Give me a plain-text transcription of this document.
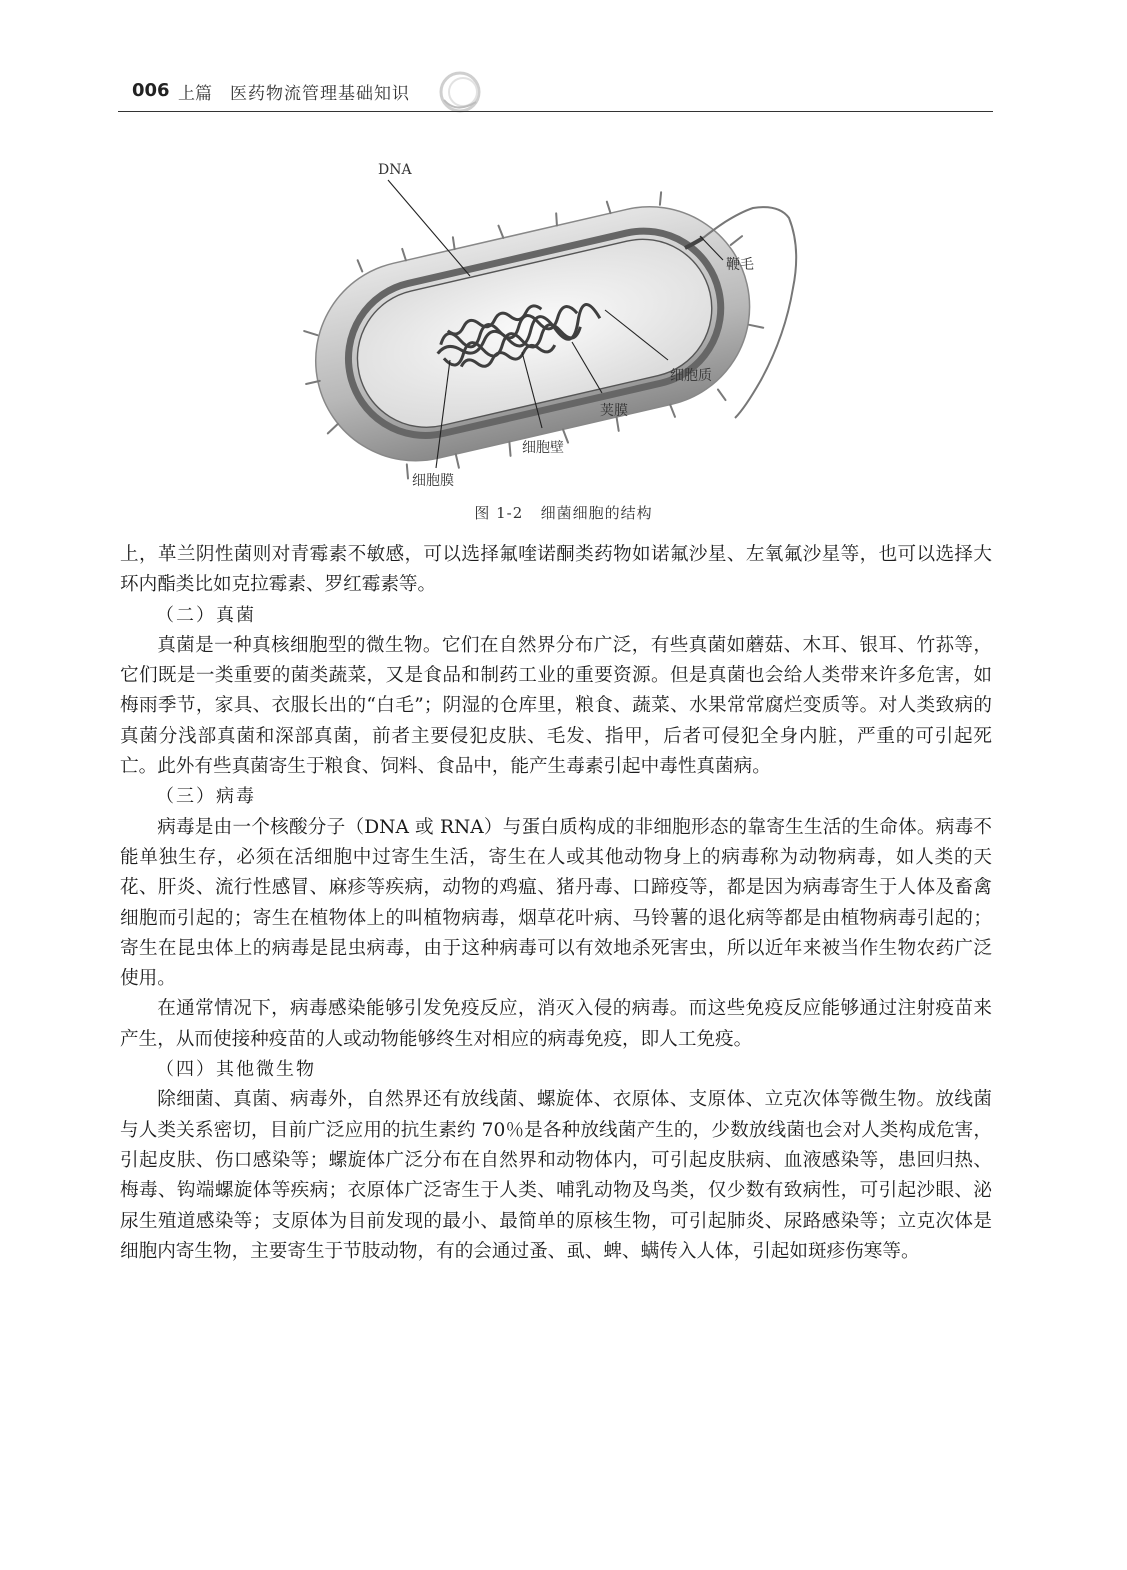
006 上篇 医药物流管理基础知识
DNA
鞭毛
细胞质
荚膜
细胞壁
细胞膜
图 1-2 细菌细胞的结构

上，革兰阴性菌则对青霉素不敏感，可以选择氟喹诺酮类药物如诺氟沙星、左氧氟沙星等，也可以选择大环内酯类比如克拉霉素、罗红霉素等。

（二）真菌

真菌是一种真核细胞型的微生物。它们在自然界分布广泛，有些真菌如蘑菇、木耳、银耳、竹荪等，它们既是一类重要的菌类蔬菜，又是食品和制药工业的重要资源。但是真菌也会给人类带来许多危害，如梅雨季节，家具、衣服长出的“白毛”；阴湿的仓库里，粮食、蔬菜、水果常常腐烂变质等。对人类致病的真菌分浅部真菌和深部真菌，前者主要侵犯皮肤、毛发、指甲，后者可侵犯全身内脏，严重的可引起死亡。此外有些真菌寄生于粮食、饲料、食品中，能产生毒素引起中毒性真菌病。

（三）病毒

病毒是由一个核酸分子（DNA 或 RNA）与蛋白质构成的非细胞形态的靠寄生生活的生命体。病毒不能单独生存，必须在活细胞中过寄生生活，寄生在人或其他动物身上的病毒称为动物病毒，如人类的天花、肝炎、流行性感冒、麻疹等疾病，动物的鸡瘟、猪丹毒、口蹄疫等，都是因为病毒寄生于人体及畜禽细胞而引起的；寄生在植物体上的叫植物病毒，烟草花叶病、马铃薯的退化病等都是由植物病毒引起的；寄生在昆虫体上的病毒是昆虫病毒，由于这种病毒可以有效地杀死害虫，所以近年来被当作生物农药广泛使用。

在通常情况下，病毒感染能够引发免疫反应，消灭入侵的病毒。而这些免疫反应能够通过注射疫苗来产生，从而使接种疫苗的人或动物能够终生对相应的病毒免疫，即人工免疫。

（四）其他微生物

除细菌、真菌、病毒外，自然界还有放线菌、螺旋体、衣原体、支原体、立克次体等微生物。放线菌与人类关系密切，目前广泛应用的抗生素约 70％是各种放线菌产生的，少数放线菌也会对人类构成危害，引起皮肤、伤口感染等；螺旋体广泛分布在自然界和动物体内，可引起皮肤病、血液感染等，患回归热、梅毒、钩端螺旋体等疾病；衣原体广泛寄生于人类、哺乳动物及鸟类，仅少数有致病性，可引起沙眼、泌尿生殖道感染等；支原体为目前发现的最小、最简单的原核生物，可引起肺炎、尿路感染等；立克次体是细胞内寄生物，主要寄生于节肢动物，有的会通过蚤、虱、蜱、螨传入人体，引起如斑疹伤寒等。
